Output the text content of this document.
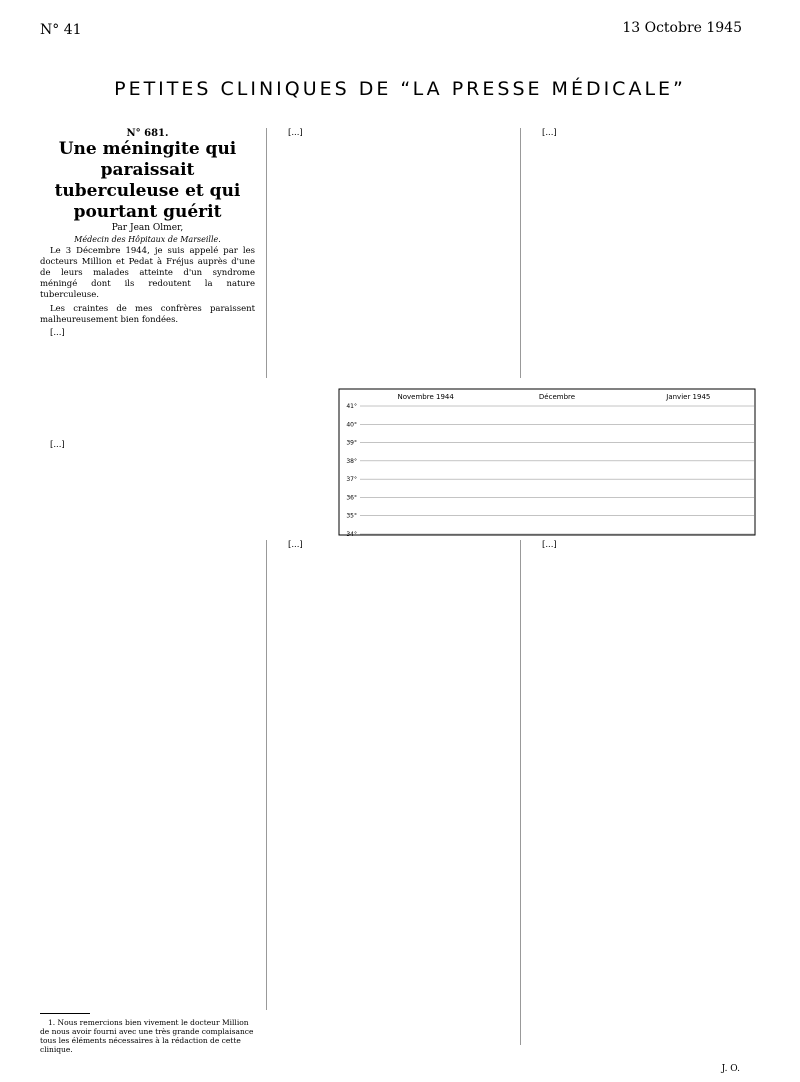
N° 41	13 Octobre 1945
PETITES CLINIQUES DE “LA PRESSE MÉDICALE”
N° 681.
Une méningite qui paraissait tuberculeuse et qui pourtant guérit
Par Jean Olmer,
Médecin des Hôpitaux de Marseille.

Le 3 Décembre 1944, je suis appelé par les docteurs Million et Pedat à Fréjus auprès d'une de leurs malades atteinte d'un syndrome méningé dont ils redoutent la nature tuberculeuse.

Les craintes de mes confrères paraissent malheureusement bien fondées.

[...]

[...]

[...]	[...]

Novembre 1944	Décembre	Janvier 1945
34°
35°
36°
37°
38°
39°
40°
41°

[...]	[...]

1. Nous remercions bien vivement le docteur Million de nous avoir fourni avec une très grande complaisance tous les éléments nécessaires à la rédaction de cette clinique.
J. O.
